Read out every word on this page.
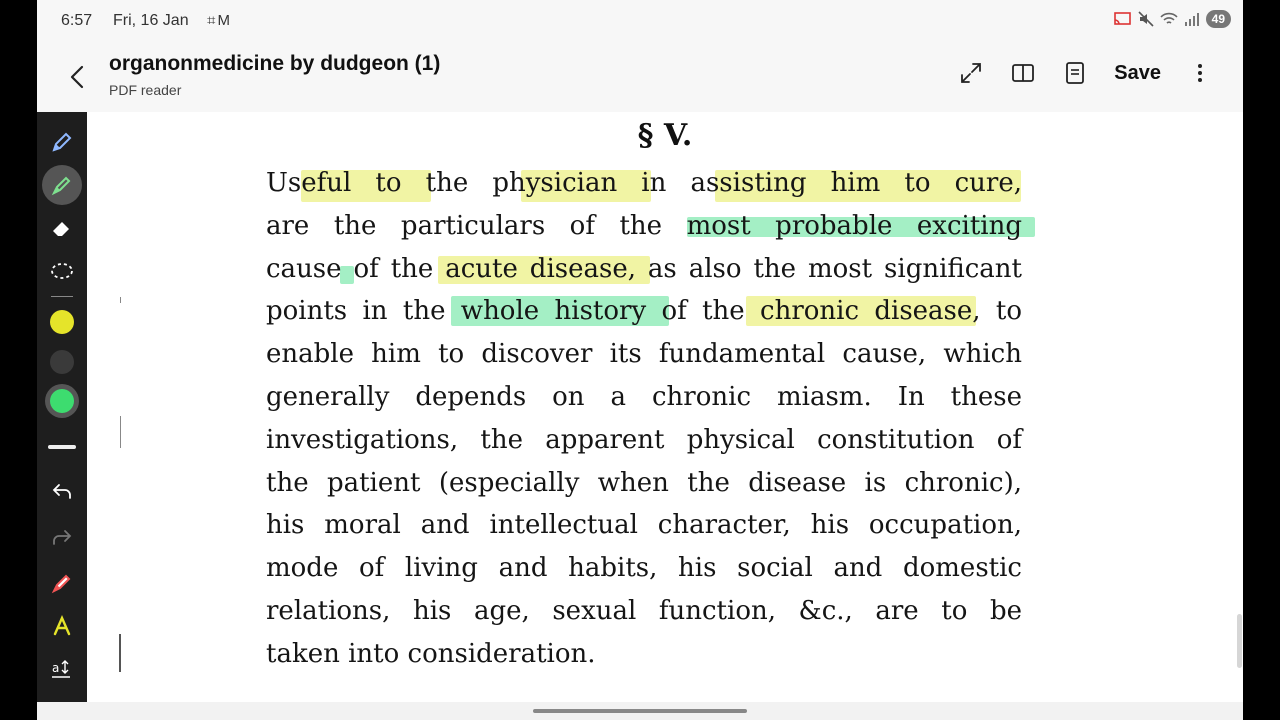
6:57 Fri, 16 Jan ⌗M	49
organonmedicine by dudgeon (1)
PDF reader
Save
a
§ V.
Useful to the physician in assisting him to cure,
are the particulars of the most probable exciting
cause of the acute disease, as also the most significant
points in the whole history of the chronic disease, to
enable him to discover its fundamental cause, which
generally depends on a chronic miasm. In these
investigations, the apparent physical constitution of
the patient (especially when the disease is chronic),
his moral and intellectual character, his occupation,
mode of living and habits, his social and domestic
relations, his age, sexual function, &c., are to be
taken into consideration.
